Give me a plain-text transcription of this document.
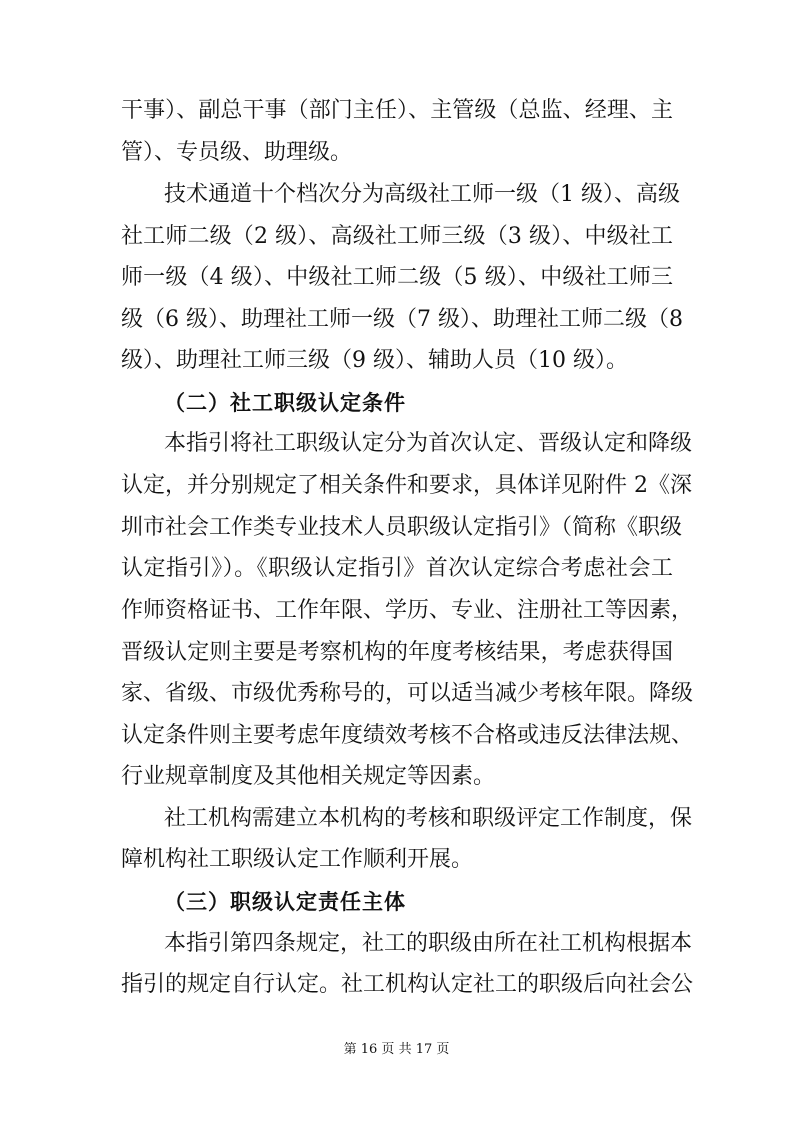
干事）、副总干事（部门主任）、主管级（总监、经理、主
管）、专员级、助理级。
技术通道十个档次分为高级社工师一级（1 级）、高级
社工师二级（2 级）、高级社工师三级（3 级）、中级社工
师一级（4 级）、中级社工师二级（5 级）、中级社工师三
级（6 级）、助理社工师一级（7 级）、助理社工师二级（8
级）、助理社工师三级（9 级）、辅助人员（10 级）。
（二）社工职级认定条件
本指引将社工职级认定分为首次认定、晋级认定和降级
认定，并分别规定了相关条件和要求，具体详见附件 2《深
圳市社会工作类专业技术人员职级认定指引》（简称《职级
认定指引》）。《职级认定指引》首次认定综合考虑社会工
作师资格证书、工作年限、学历、专业、注册社工等因素，
晋级认定则主要是考察机构的年度考核结果，考虑获得国
家、省级、市级优秀称号的，可以适当减少考核年限。降级
认定条件则主要考虑年度绩效考核不合格或违反法律法规、
行业规章制度及其他相关规定等因素。
社工机构需建立本机构的考核和职级评定工作制度，保
障机构社工职级认定工作顺利开展。
（三）职级认定责任主体
本指引第四条规定，社工的职级由所在社工机构根据本
指引的规定自行认定。社工机构认定社工的职级后向社会公
第 16 页 共 17 页
